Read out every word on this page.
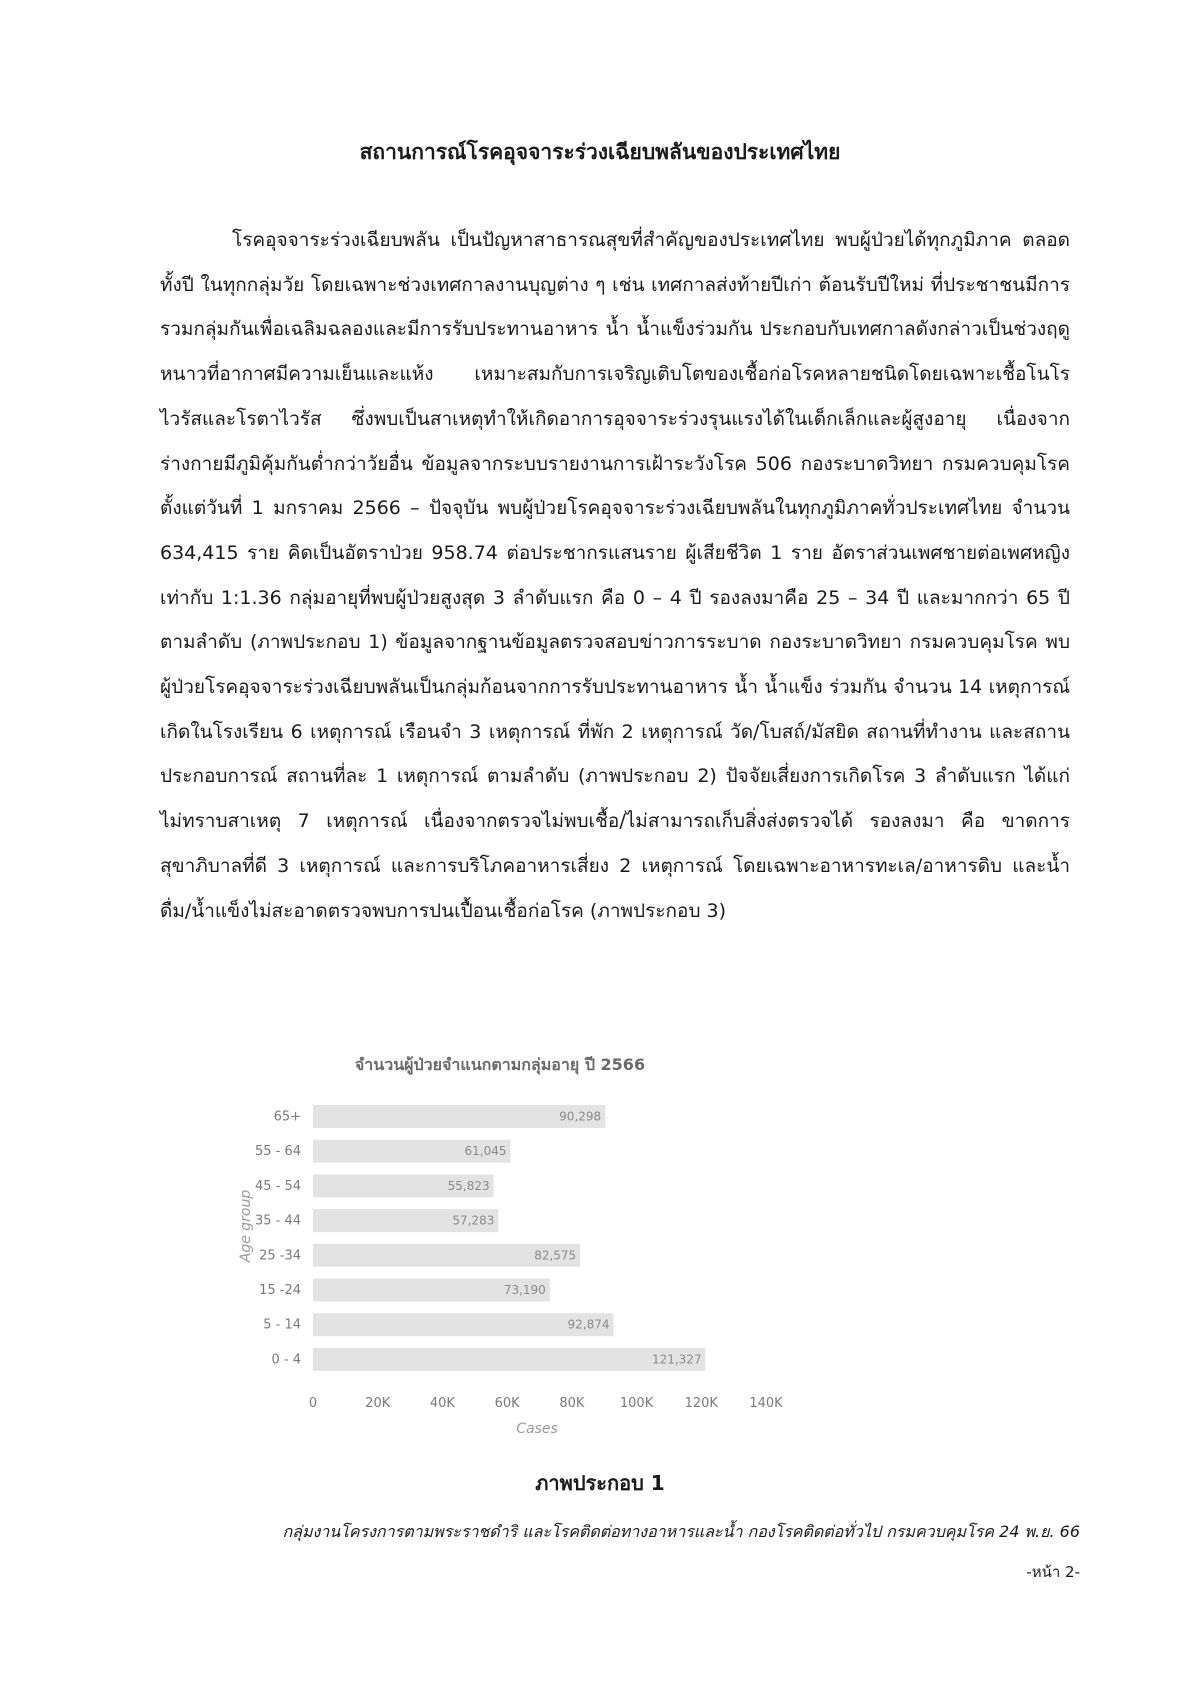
สถานการณ์โรคอุจจาระร่วงเฉียบพลันของประเทศไทย

โรคอุจจาระร่วงเฉียบพลัน เป็นปัญหาสาธารณสุขที่สำคัญของประเทศไทย พบผู้ป่วยได้ทุกภูมิภาค ตลอดทั้งปี ในทุกกลุ่มวัย โดยเฉพาะช่วงเทศกาลงานบุญต่าง ๆ เช่น เทศกาลส่งท้ายปีเก่า ต้อนรับปีใหม่ ที่ประชาชนมีการรวมกลุ่มกันเพื่อเฉลิมฉลองและมีการรับประทานอาหาร น้ำ น้ำแข็งร่วมกัน ประกอบกับเทศกาลดังกล่าวเป็นช่วงฤดูหนาวที่อากาศมีความเย็นและแห้ง เหมาะสมกับการเจริญเติบโตของเชื้อก่อโรคหลายชนิดโดยเฉพาะเชื้อโนโรไวรัสและโรตาไวรัส ซึ่งพบเป็นสาเหตุทำให้เกิดอาการอุจจาระร่วงรุนแรงได้ในเด็กเล็กและผู้สูงอายุ เนื่องจากร่างกายมีภูมิคุ้มกันต่ำกว่าวัยอื่น ข้อมูลจากระบบรายงานการเฝ้าระวังโรค 506 กองระบาดวิทยา กรมควบคุมโรค ตั้งแต่วันที่ 1 มกราคม 2566 – ปัจจุบัน พบผู้ป่วยโรคอุจจาระร่วงเฉียบพลันในทุกภูมิภาคทั่วประเทศไทย จำนวน 634,415 ราย คิดเป็นอัตราป่วย 958.74 ต่อประชากรแสนราย ผู้เสียชีวิต 1 ราย อัตราส่วนเพศชายต่อเพศหญิงเท่ากับ 1:1.36 กลุ่มอายุที่พบผู้ป่วยสูงสุด 3 ลำดับแรก คือ 0 – 4 ปี รองลงมาคือ 25 – 34 ปี และมากกว่า 65 ปี ตามลำดับ (ภาพประกอบ 1) ข้อมูลจากฐานข้อมูลตรวจสอบข่าวการระบาด กองระบาดวิทยา กรมควบคุมโรค พบผู้ป่วยโรคอุจจาระร่วงเฉียบพลันเป็นกลุ่มก้อนจากการรับประทานอาหาร น้ำ น้ำแข็ง ร่วมกัน จำนวน 14 เหตุการณ์ เกิดในโรงเรียน 6 เหตุการณ์ เรือนจำ 3 เหตุการณ์ ที่พัก 2 เหตุการณ์ วัด/โบสถ์/มัสยิด สถานที่ทำงาน และสถานประกอบการณ์ สถานที่ละ 1 เหตุการณ์ ตามลำดับ (ภาพประกอบ 2) ปัจจัยเสี่ยงการเกิดโรค 3 ลำดับแรก ได้แก่ ไม่ทราบสาเหตุ 7 เหตุการณ์ เนื่องจากตรวจไม่พบเชื้อ/ไม่สามารถเก็บสิ่งส่งตรวจได้ รองลงมา คือ ขาดการสุขาภิบาลที่ดี 3 เหตุการณ์ และการบริโภคอาหารเสี่ยง 2 เหตุการณ์ โดยเฉพาะอาหารทะเล/อาหารดิบ และน้ำดื่ม/น้ำแข็งไม่สะอาดตรวจพบการปนเปื้อนเชื้อก่อโรค (ภาพประกอบ 3)

จำนวนผู้ป่วยจำแนกตามกลุ่มอายุ ปี 2566
65+	90,298
55 - 64	61,045
45 - 54	55,823
35 - 44	57,283
25 -34	82,575
15 -24	73,190
5 - 14	92,874
0 - 4	121,327
0	20K	40K	60K	80K	100K 120K 140K
Cases
Age group
ภาพประกอบ 1
กลุ่มงานโครงการตามพระราชดำริ และโรคติดต่อทางอาหารและน้ำ กองโรคติดต่อทั่วไป กรมควบคุมโรค 24 พ.ย. 66
-หน้า 2-
